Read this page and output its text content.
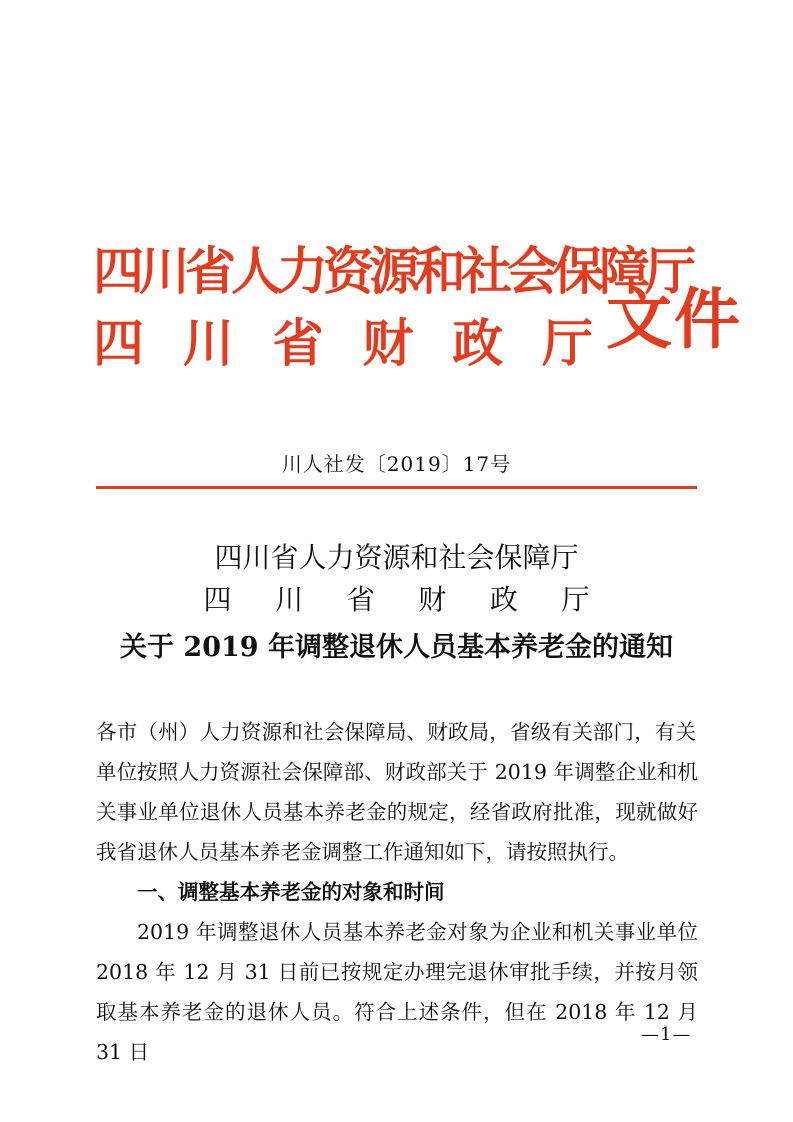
四川省人力资源和社会保障厅
四 川 省 财 政 厅 文件
川人社发〔2019〕17号
四川省人力资源和社会保障厅
四 川 省 财 政 厅
关于 2019 年调整退休人员基本养老金的通知
各市（州）人力资源和社会保障局、财政局，省级有关部门，有关单位:
按照人力资源社会保障部、财政部关于 2019 年调整企业和机关事业单位退休人员基本养老金的规定，经省政府批准，现就做好我省退休人员基本养老金调整工作通知如下，请按照执行。
一、调整基本养老金的对象和时间
2019 年调整退休人员基本养老金对象为企业和机关事业单位 2018 年 12 月 31 日前已按规定办理完退休审批手续，并按月领取基本养老金的退休人员。符合上述条件，但在 2018 年 12 月 31 日
—1—
